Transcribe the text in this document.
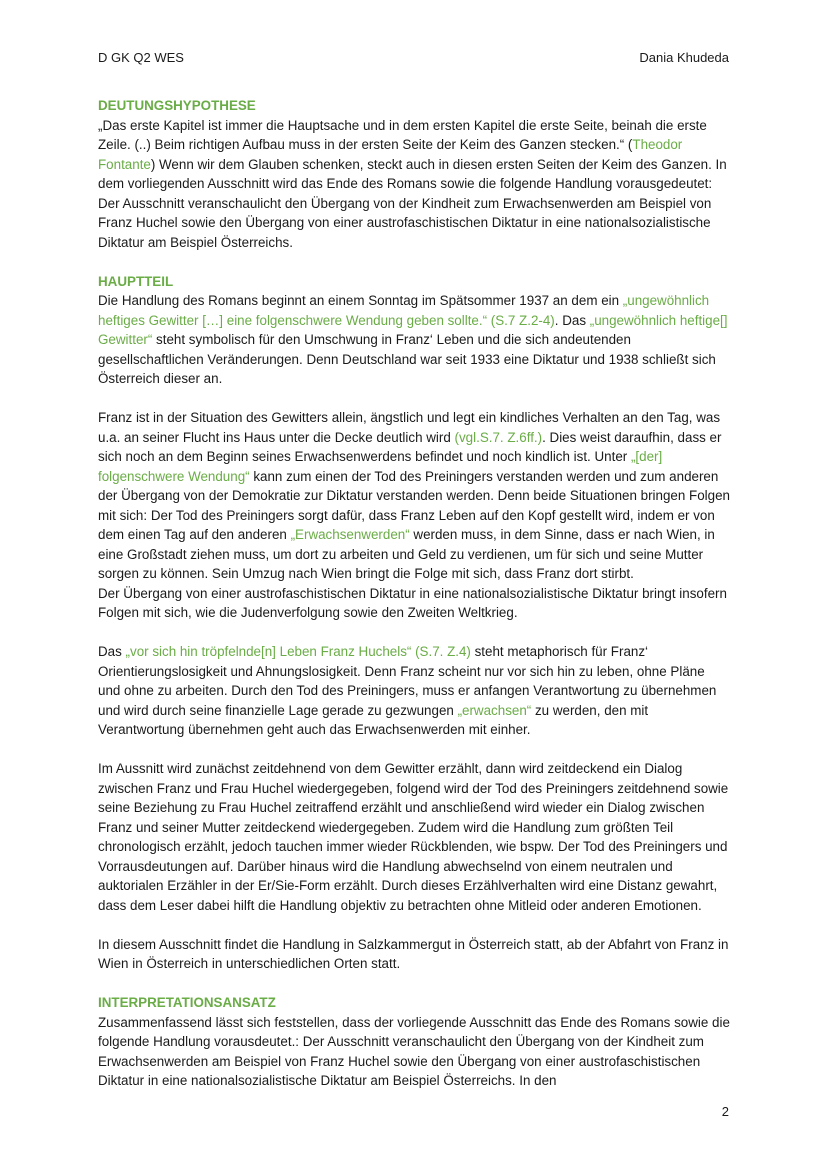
D GK Q2 WES	Dania Khudeda
DEUTUNGSHYPOTHESE

„Das erste Kapitel ist immer die Hauptsache und in dem ersten Kapitel die erste Seite, beinah die erste Zeile. (..) Beim richtigen Aufbau muss in der ersten Seite der Keim des Ganzen stecken.“ (Theodor Fontante) Wenn wir dem Glauben schenken, steckt auch in diesen ersten Seiten der Keim des Ganzen. In dem vorliegenden Ausschnitt wird das Ende des Romans sowie die folgende Handlung vorausgedeutet: Der Ausschnitt veranschaulicht den Übergang von der Kindheit zum Erwachsenwerden am Beispiel von Franz Huchel sowie den Übergang von einer austrofaschistischen Diktatur in eine nationalsozialistische Diktatur am Beispiel Österreichs.

HAUPTTEIL

Die Handlung des Romans beginnt an einem Sonntag im Spätsommer 1937 an dem ein „ungewöhnlich heftiges Gewitter […] eine folgenschwere Wendung geben sollte.“ (S.7 Z.2-4). Das „ungewöhnlich heftige[] Gewitter“ steht symbolisch für den Umschwung in Franz‘ Leben und die sich andeutenden gesellschaftlichen Veränderungen. Denn Deutschland war seit 1933 eine Diktatur und 1938 schließt sich Österreich dieser an.

Franz ist in der Situation des Gewitters allein, ängstlich und legt ein kindliches Verhalten an den Tag, was u.a. an seiner Flucht ins Haus unter die Decke deutlich wird (vgl.S.7. Z.6ff.). Dies weist daraufhin, dass er sich noch an dem Beginn seines Erwachsenwerdens befindet und noch kindlich ist. Unter „[der] folgenschwere Wendung“ kann zum einen der Tod des Preiningers verstanden werden und zum anderen der Übergang von der Demokratie zur Diktatur verstanden werden. Denn beide Situationen bringen Folgen mit sich: Der Tod des Preiningers sorgt dafür, dass Franz Leben auf den Kopf gestellt wird, indem er von dem einen Tag auf den anderen „Erwachsenwerden“ werden muss, in dem Sinne, dass er nach Wien, in eine Großstadt ziehen muss, um dort zu arbeiten und Geld zu verdienen, um für sich und seine Mutter sorgen zu können. Sein Umzug nach Wien bringt die Folge mit sich, dass Franz dort stirbt.

Der Übergang von einer austrofaschistischen Diktatur in eine nationalsozialistische Diktatur bringt insofern Folgen mit sich, wie die Judenverfolgung sowie den Zweiten Weltkrieg.

Das „vor sich hin tröpfelnde[n] Leben Franz Huchels“ (S.7. Z.4) steht metaphorisch für Franz‘ Orientierungslosigkeit und Ahnungslosigkeit. Denn Franz scheint nur vor sich hin zu leben, ohne Pläne und ohne zu arbeiten. Durch den Tod des Preiningers, muss er anfangen Verantwortung zu übernehmen und wird durch seine finanzielle Lage gerade zu gezwungen „erwachsen“ zu werden, den mit Verantwortung übernehmen geht auch das Erwachsenwerden mit einher.

Im Aussnitt wird zunächst zeitdehnend von dem Gewitter erzählt, dann wird zeitdeckend ein Dialog zwischen Franz und Frau Huchel wiedergegeben, folgend wird der Tod des Preiningers zeitdehnend sowie seine Beziehung zu Frau Huchel zeitraffend erzählt und anschließend wird wieder ein Dialog zwischen Franz und seiner Mutter zeitdeckend wiedergegeben. Zudem wird die Handlung zum größten Teil chronologisch erzählt, jedoch tauchen immer wieder Rückblenden, wie bspw. Der Tod des Preiningers und Vorrausdeutungen auf. Darüber hinaus wird die Handlung abwechselnd von einem neutralen und auktorialen Erzähler in der Er/Sie-Form erzählt. Durch dieses Erzählverhalten wird eine Distanz gewahrt, dass dem Leser dabei hilft die Handlung objektiv zu betrachten ohne Mitleid oder anderen Emotionen.

In diesem Ausschnitt findet die Handlung in Salzkammergut in Österreich statt, ab der Abfahrt von Franz in Wien in Österreich in unterschiedlichen Orten statt.

INTERPRETATIONSANSATZ

Zusammenfassend lässt sich feststellen, dass der vorliegende Ausschnitt das Ende des Romans sowie die folgende Handlung vorausdeutet.: Der Ausschnitt veranschaulicht den Übergang von der Kindheit zum Erwachsenwerden am Beispiel von Franz Huchel sowie den Übergang von einer austrofaschistischen Diktatur in eine nationalsozialistische Diktatur am Beispiel Österreichs. In den

2
